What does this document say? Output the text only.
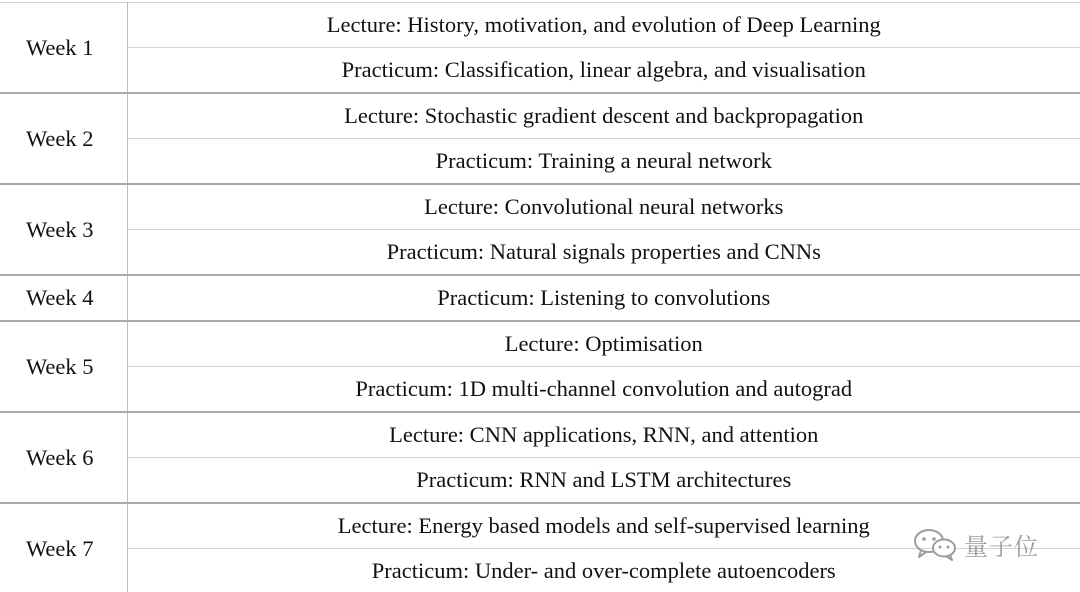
Week 1	Lecture: History, motivation, and evolution of Deep Learning
	Practicum: Classification, linear algebra, and visualisation
Week 2	Lecture: Stochastic gradient descent and backpropagation
	Practicum: Training a neural network
Week 3	Lecture: Convolutional neural networks
	Practicum: Natural signals properties and CNNs
Week 4	Practicum: Listening to convolutions
Week 5	Lecture: Optimisation
	Practicum: 1D multi-channel convolution and autograd
Week 6	Lecture: CNN applications, RNN, and attention
	Practicum: RNN and LSTM architectures
Week 7	Lecture: Energy based models and self-supervised learning
	Practicum: Under- and over-complete autoencoders
量子位
